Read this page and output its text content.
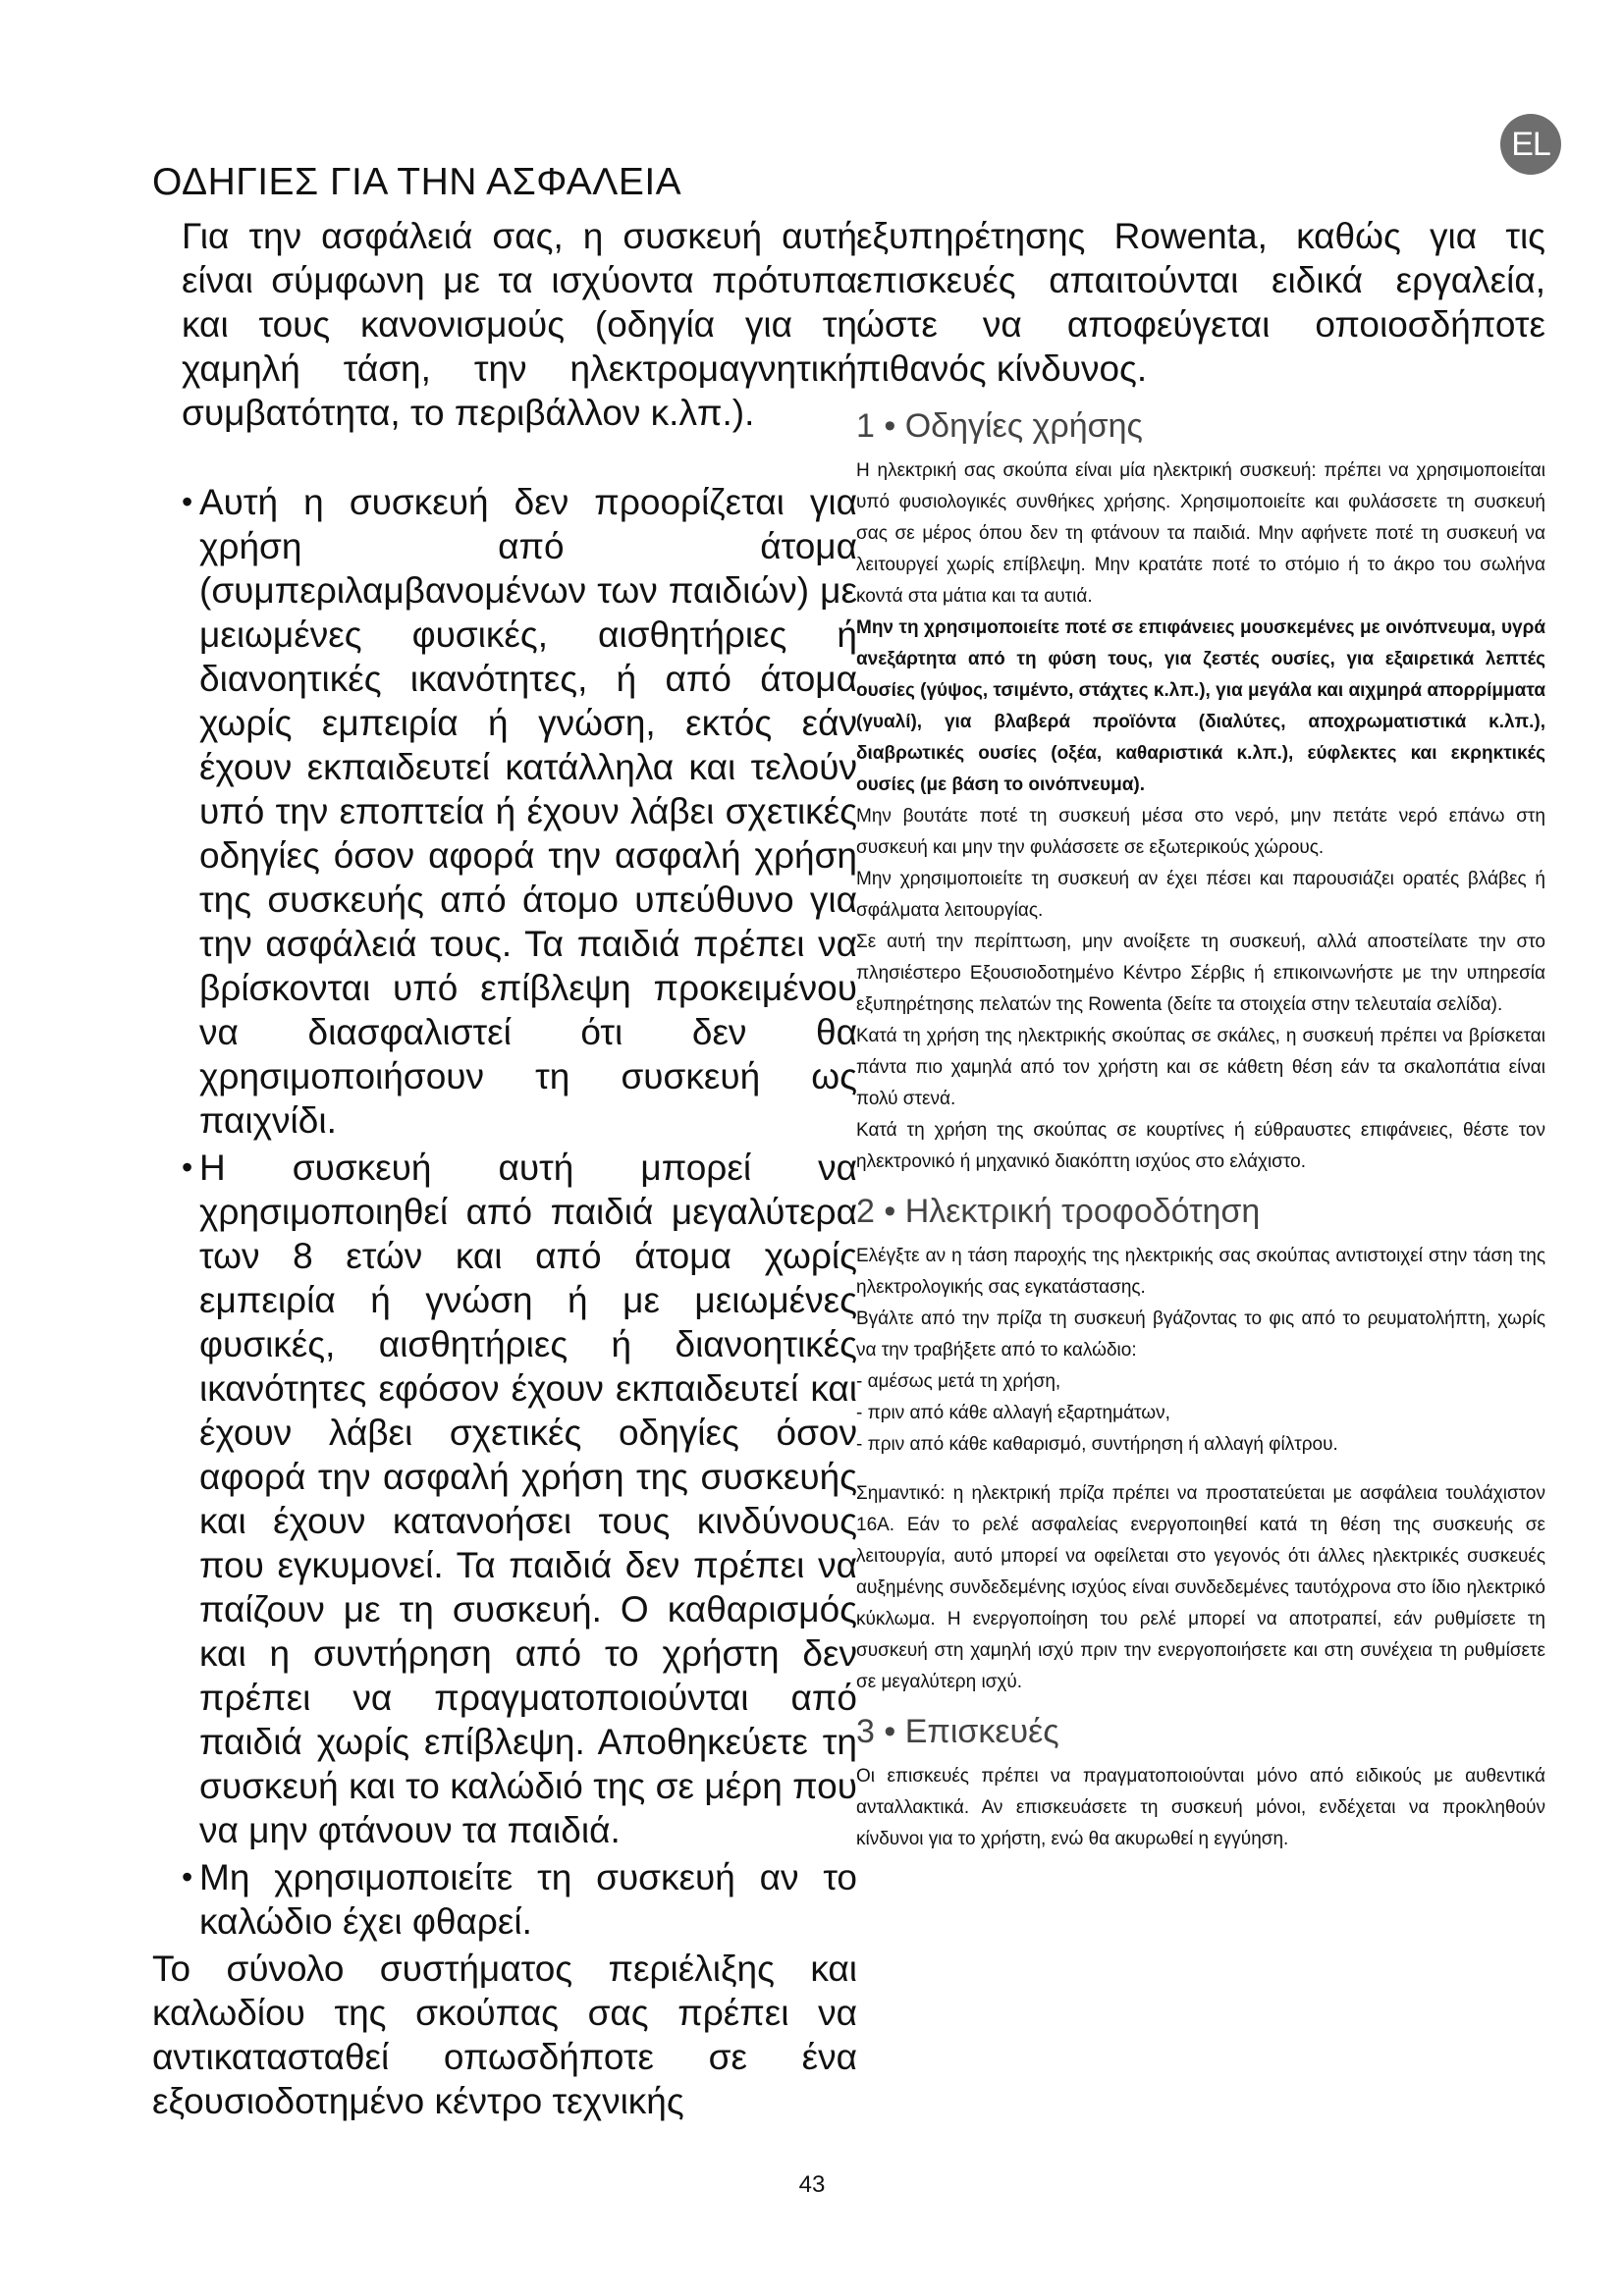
EL
ΟΔΗΓΙΕΣ ΓΙΑ ΤΗΝ ΑΣΦΑΛΕΙΑ

Για την ασφάλειά σας, η συσκευή αυτή είναι σύμφωνη με τα ισχύοντα πρότυπα και τους κανονισμούς (οδηγία για τη χαμηλή τάση, την ηλεκτρομαγνητική συμβατότητα, το περιβάλλον κ.λπ.).

• Αυτή η συσκευή δεν προορίζεται για χρήση από άτομα (συμπεριλαμβανομένων των παιδιών) με μειωμένες φυσικές, αισθητήριες ή διανοητικές ικανότητες, ή από άτομα χωρίς εμπειρία ή γνώση, εκτός εάν έχουν εκπαιδευτεί κατάλληλα και τελούν υπό την εποπτεία ή έχουν λάβει σχετικές οδηγίες όσον αφορά την ασφαλή χρήση της συσκευής από άτομο υπεύθυνο για την ασφάλειά τους. Τα παιδιά πρέπει να βρίσκονται υπό επίβλεψη προκειμένου να διασφαλιστεί ότι δεν θα χρησιμοποιήσουν τη συσκευή ως παιχνίδι.
• Η συσκευή αυτή μπορεί να χρησιμοποιηθεί από παιδιά μεγαλύτερα των 8 ετών και από άτομα χωρίς εμπειρία ή γνώση ή με μειωμένες φυσικές, αισθητήριες ή διανοητικές ικανότητες εφόσον έχουν εκπαιδευτεί και έχουν λάβει σχετικές οδηγίες όσον αφορά την ασφαλή χρήση της συσκευής και έχουν κατανοήσει τους κινδύνους που εγκυμονεί. Τα παιδιά δεν πρέπει να παίζουν με τη συσκευή. Ο καθαρισμός και η συντήρηση από το χρήστη δεν πρέπει να πραγματοποιούνται από παιδιά χωρίς επίβλεψη. Αποθηκεύετε τη συσκευή και το καλώδιό της σε μέρη που να μην φτάνουν τα παιδιά.
• Μη χρησιμοποιείτε τη συσκευή αν το καλώδιο έχει φθαρεί.

Το σύνολο συστήματος περιέλιξης και καλωδίου της σκούπας σας πρέπει να αντικατασταθεί οπωσδήποτε σε ένα εξουσιοδοτημένο κέντρο τεχνικής

εξυπηρέτησης Rowenta, καθώς για τις επισκευές απαιτούνται ειδικά εργαλεία, ώστε να αποφεύγεται οποιοσδήποτε πιθανός κίνδυνος.

1 • Οδηγίες χρήσης

Η ηλεκτρική σας σκούπα είναι μία ηλεκτρική συσκευή: πρέπει να χρησιμοποιείται υπό φυσιολογικές συνθήκες χρήσης. Χρησιμοποιείτε και φυλάσσετε τη συσκευή σας σε μέρος όπου δεν τη φτάνουν τα παιδιά. Μην αφήνετε ποτέ τη συσκευή να λειτουργεί χωρίς επίβλεψη. Μην κρατάτε ποτέ το στόμιο ή το άκρο του σωλήνα κοντά στα μάτια και τα αυτιά.

Μην τη χρησιμοποιείτε ποτέ σε επιφάνειες μουσκεμένες με οινόπνευμα, υγρά ανεξάρτητα από τη φύση τους, για ζεστές ουσίες, για εξαιρετικά λεπτές ουσίες (γύψος, τσιμέντο, στάχτες κ.λπ.), για μεγάλα και αιχμηρά απορρίμματα (γυαλί), για βλαβερά προϊόντα (διαλύτες, αποχρωματιστικά κ.λπ.), διαβρωτικές ουσίες (οξέα, καθαριστικά κ.λπ.), εύφλεκτες και εκρηκτικές ουσίες (με βάση το οινόπνευμα).

Μην βουτάτε ποτέ τη συσκευή μέσα στο νερό, μην πετάτε νερό επάνω στη συσκευή και μην την φυλάσσετε σε εξωτερικούς χώρους.

Μην χρησιμοποιείτε τη συσκευή αν έχει πέσει και παρουσιάζει ορατές βλάβες ή σφάλματα λειτουργίας.

Σε αυτή την περίπτωση, μην ανοίξετε τη συσκευή, αλλά αποστείλατε την στο πλησιέστερο Εξουσιοδοτημένο Κέντρο Σέρβις ή επικοινωνήστε με την υπηρεσία εξυπηρέτησης πελατών της Rowenta (δείτε τα στοιχεία στην τελευταία σελίδα).

Κατά τη χρήση της ηλεκτρικής σκούπας σε σκάλες, η συσκευή πρέπει να βρίσκεται πάντα πιο χαμηλά από τον χρήστη και σε κάθετη θέση εάν τα σκαλοπάτια είναι πολύ στενά.

Κατά τη χρήση της σκούπας σε κουρτίνες ή εύθραυστες επιφάνειες, θέστε τον ηλεκτρονικό ή μηχανικό διακόπτη ισχύος στο ελάχιστο.

2 • Ηλεκτρική τροφοδότηση

Ελέγξτε αν η τάση παροχής της ηλεκτρικής σας σκούπας αντιστοιχεί στην τάση της ηλεκτρολογικής σας εγκατάστασης.

Βγάλτε από την πρίζα τη συσκευή βγάζοντας το φις από το ρευματολήπτη, χωρίς να την τραβήξετε από το καλώδιο:

- αμέσως μετά τη χρήση,

- πριν από κάθε αλλαγή εξαρτημάτων,

- πριν από κάθε καθαρισμό, συντήρηση ή αλλαγή φίλτρου.

Σημαντικό: η ηλεκτρική πρίζα πρέπει να προστατεύεται με ασφάλεια τουλάχιστον 16A. Εάν το ρελέ ασφαλείας ενεργοποιηθεί κατά τη θέση της συσκευής σε λειτουργία, αυτό μπορεί να οφείλεται στο γεγονός ότι άλλες ηλεκτρικές συσκευές αυξημένης συνδεδεμένης ισχύος είναι συνδεδεμένες ταυτόχρονα στο ίδιο ηλεκτρικό κύκλωμα. Η ενεργοποίηση του ρελέ μπορεί να αποτραπεί, εάν ρυθμίσετε τη συσκευή στη χαμηλή ισχύ πριν την ενεργοποιήσετε και στη συνέχεια τη ρυθμίσετε σε μεγαλύτερη ισχύ.

3 • Επισκευές

Οι επισκευές πρέπει να πραγματοποιούνται μόνο από ειδικούς με αυθεντικά ανταλλακτικά. Αν επισκευάσετε τη συσκευή μόνοι, ενδέχεται να προκληθούν κίνδυνοι για το χρήστη, ενώ θα ακυρωθεί η εγγύηση.

43
